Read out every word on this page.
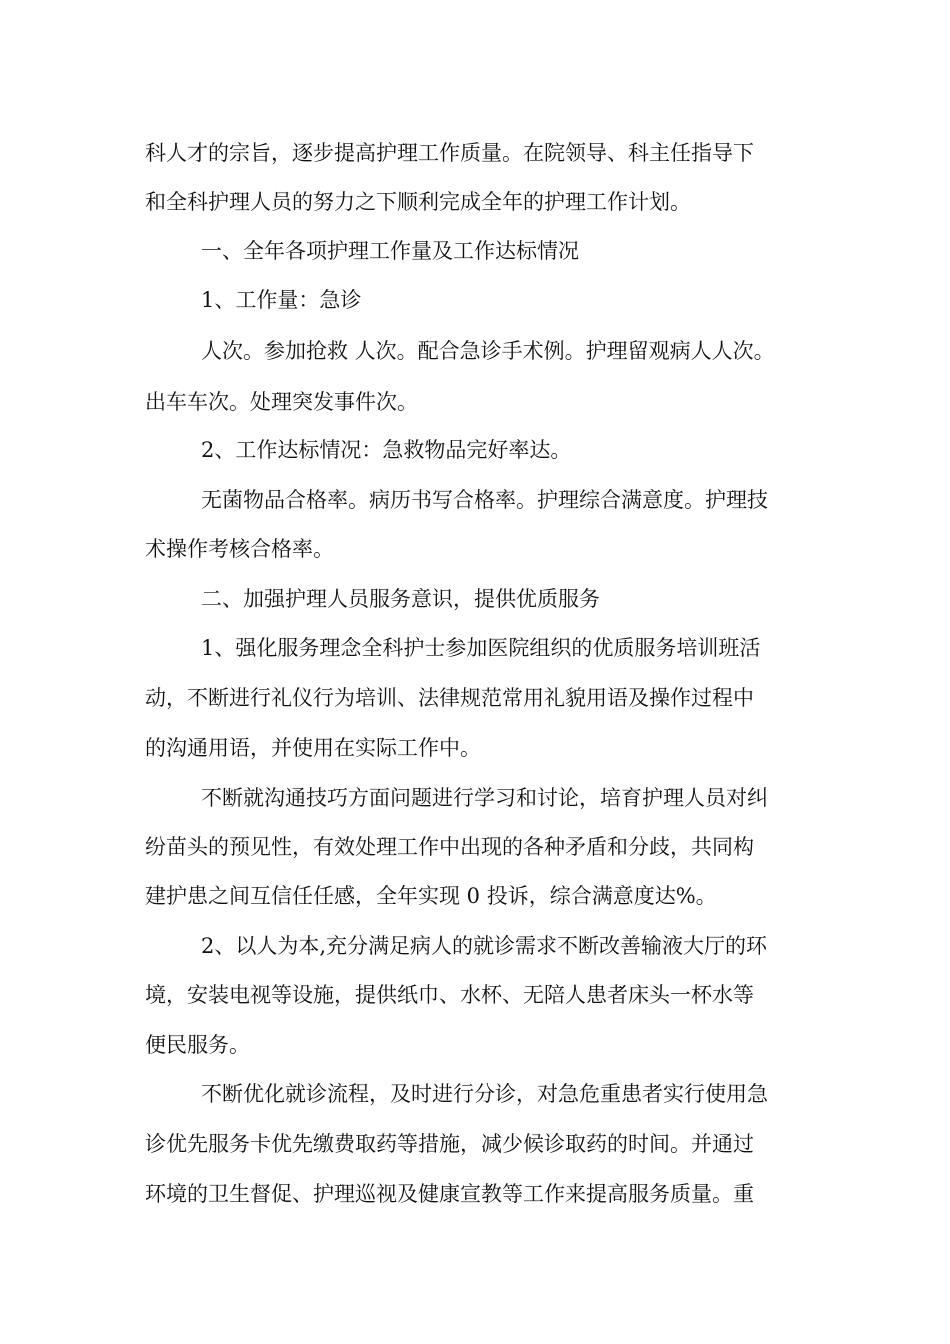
科人才的宗旨，逐步提高护理工作质量。在院领导、科主任指导下
和全科护理人员的努力之下顺利完成全年的护理工作计划。
一、全年各项护理工作量及工作达标情况
1、工作量：急诊
人次。参加抢救 人次。配合急诊手术例。护理留观病人人次。
出车车次。处理突发事件次。
2、工作达标情况：急救物品完好率达。
无菌物品合格率。病历书写合格率。护理综合满意度。护理技
术操作考核合格率。
二、加强护理人员服务意识，提供优质服务
1、强化服务理念全科护士参加医院组织的优质服务培训班活
动，不断进行礼仪行为培训、法律规范常用礼貌用语及操作过程中
的沟通用语，并使用在实际工作中。
不断就沟通技巧方面问题进行学习和讨论，培育护理人员对纠
纷苗头的预见性，有效处理工作中出现的各种矛盾和分歧，共同构
建护患之间互信任任感，全年实现 0 投诉，综合满意度达%。
2、以人为本,充分满足病人的就诊需求不断改善输液大厅的环
境，安装电视等设施，提供纸巾、水杯、无陪人患者床头一杯水等
便民服务。
不断优化就诊流程，及时进行分诊，对急危重患者实行使用急
诊优先服务卡优先缴费取药等措施，减少候诊取药的时间。并通过
环境的卫生督促、护理巡视及健康宣教等工作来提高服务质量。重
